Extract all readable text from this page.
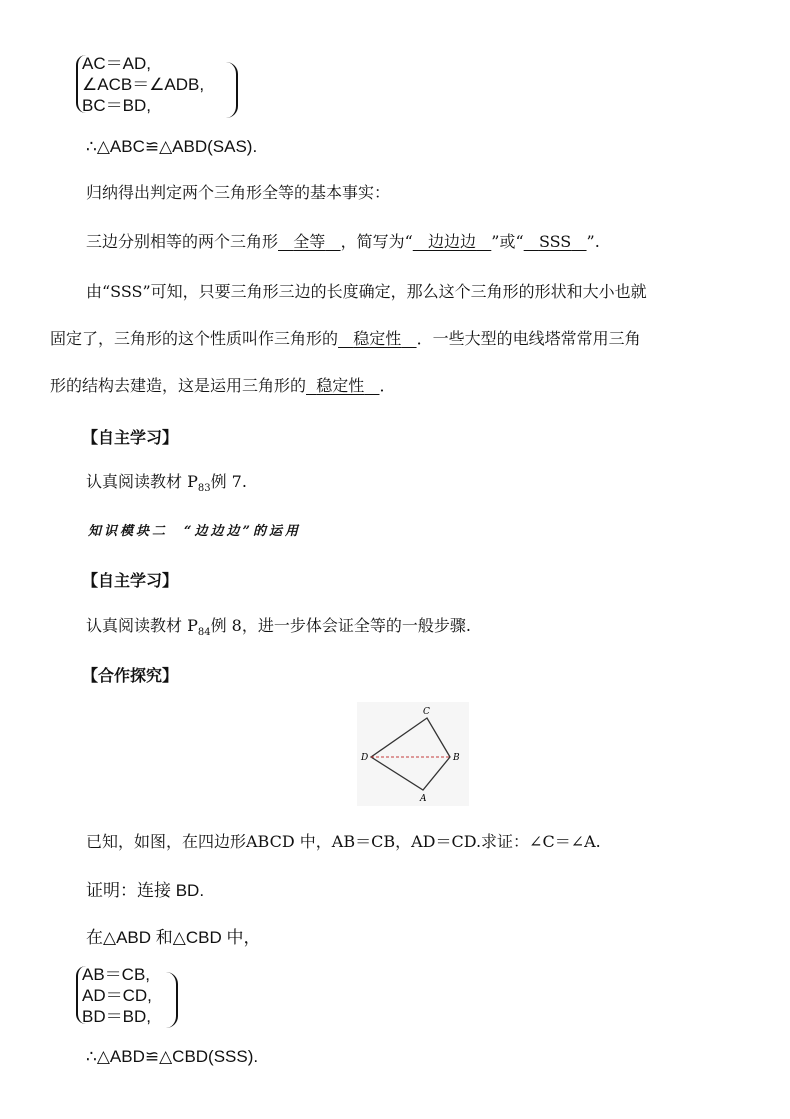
AC＝AD,
∠ACB＝∠ADB,
BC＝BD,
∴△ABC≌△ABD(SAS).
归纳得出判定两个三角形全等的基本事实：
三边分别相等的两个三角形 全等 ，简写为“ 边边边 ”或“ SSS ”.
由“SSS”可知，只要三角形三边的长度确定，那么这个三角形的形状和大小也就
固定了，三角形的这个性质叫作三角形的 稳定性 ．一些大型的电线塔常常用三角
形的结构去建造，这是运用三角形的 稳定性 ．
【自主学习】
认真阅读教材 $P_{83}$例 7.
知识模块二　“边边边”的运用
【自主学习】
认真阅读教材 $P_{84}$例 8，进一步体会证全等的一般步骤.
【合作探究】
C
D	B
A
已知，如图，在四边形ABCD 中，AB＝CB，AD＝CD.求证：∠C＝∠A.
证明：连接 BD.
在△ABD 和△CBD 中，
AB＝CB,
AD＝CD,
BD＝BD,
∴△ABD≌△CBD(SSS).
